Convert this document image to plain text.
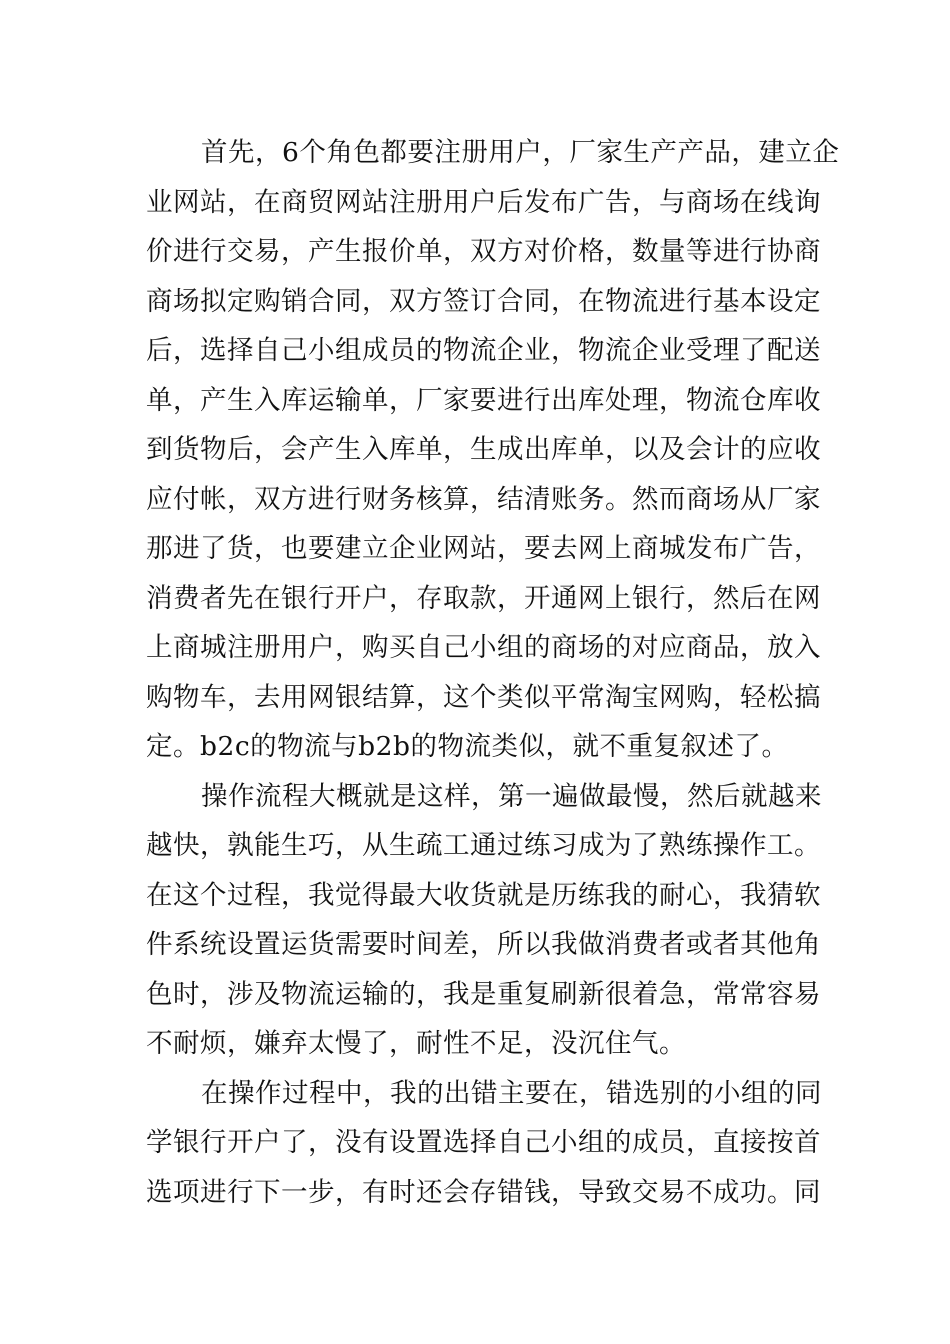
首先，6个角色都要注册用户，厂家生产产品，建立企
业网站，在商贸网站注册用户后发布广告，与商场在线询
价进行交易，产生报价单，双方对价格，数量等进行协商
商场拟定购销合同，双方签订合同，在物流进行基本设定
后，选择自己小组成员的物流企业，物流企业受理了配送
单，产生入库运输单，厂家要进行出库处理，物流仓库收
到货物后，会产生入库单，生成出库单，以及会计的应收
应付帐，双方进行财务核算，结清账务。然而商场从厂家
那进了货，也要建立企业网站，要去网上商城发布广告，
消费者先在银行开户，存取款，开通网上银行，然后在网
上商城注册用户，购买自己小组的商场的对应商品，放入
购物车，去用网银结算，这个类似平常淘宝网购，轻松搞
定。b2c的物流与b2b的物流类似，就不重复叙述了。
操作流程大概就是这样，第一遍做最慢，然后就越来
越快，孰能生巧，从生疏工通过练习成为了熟练操作工。
在这个过程，我觉得最大收货就是历练我的耐心，我猜软
件系统设置运货需要时间差，所以我做消费者或者其他角
色时，涉及物流运输的，我是重复刷新很着急，常常容易
不耐烦，嫌弃太慢了，耐性不足，没沉住气。
在操作过程中，我的出错主要在，错选别的小组的同
学银行开户了，没有设置选择自己小组的成员，直接按首
选项进行下一步，有时还会存错钱，导致交易不成功。同
